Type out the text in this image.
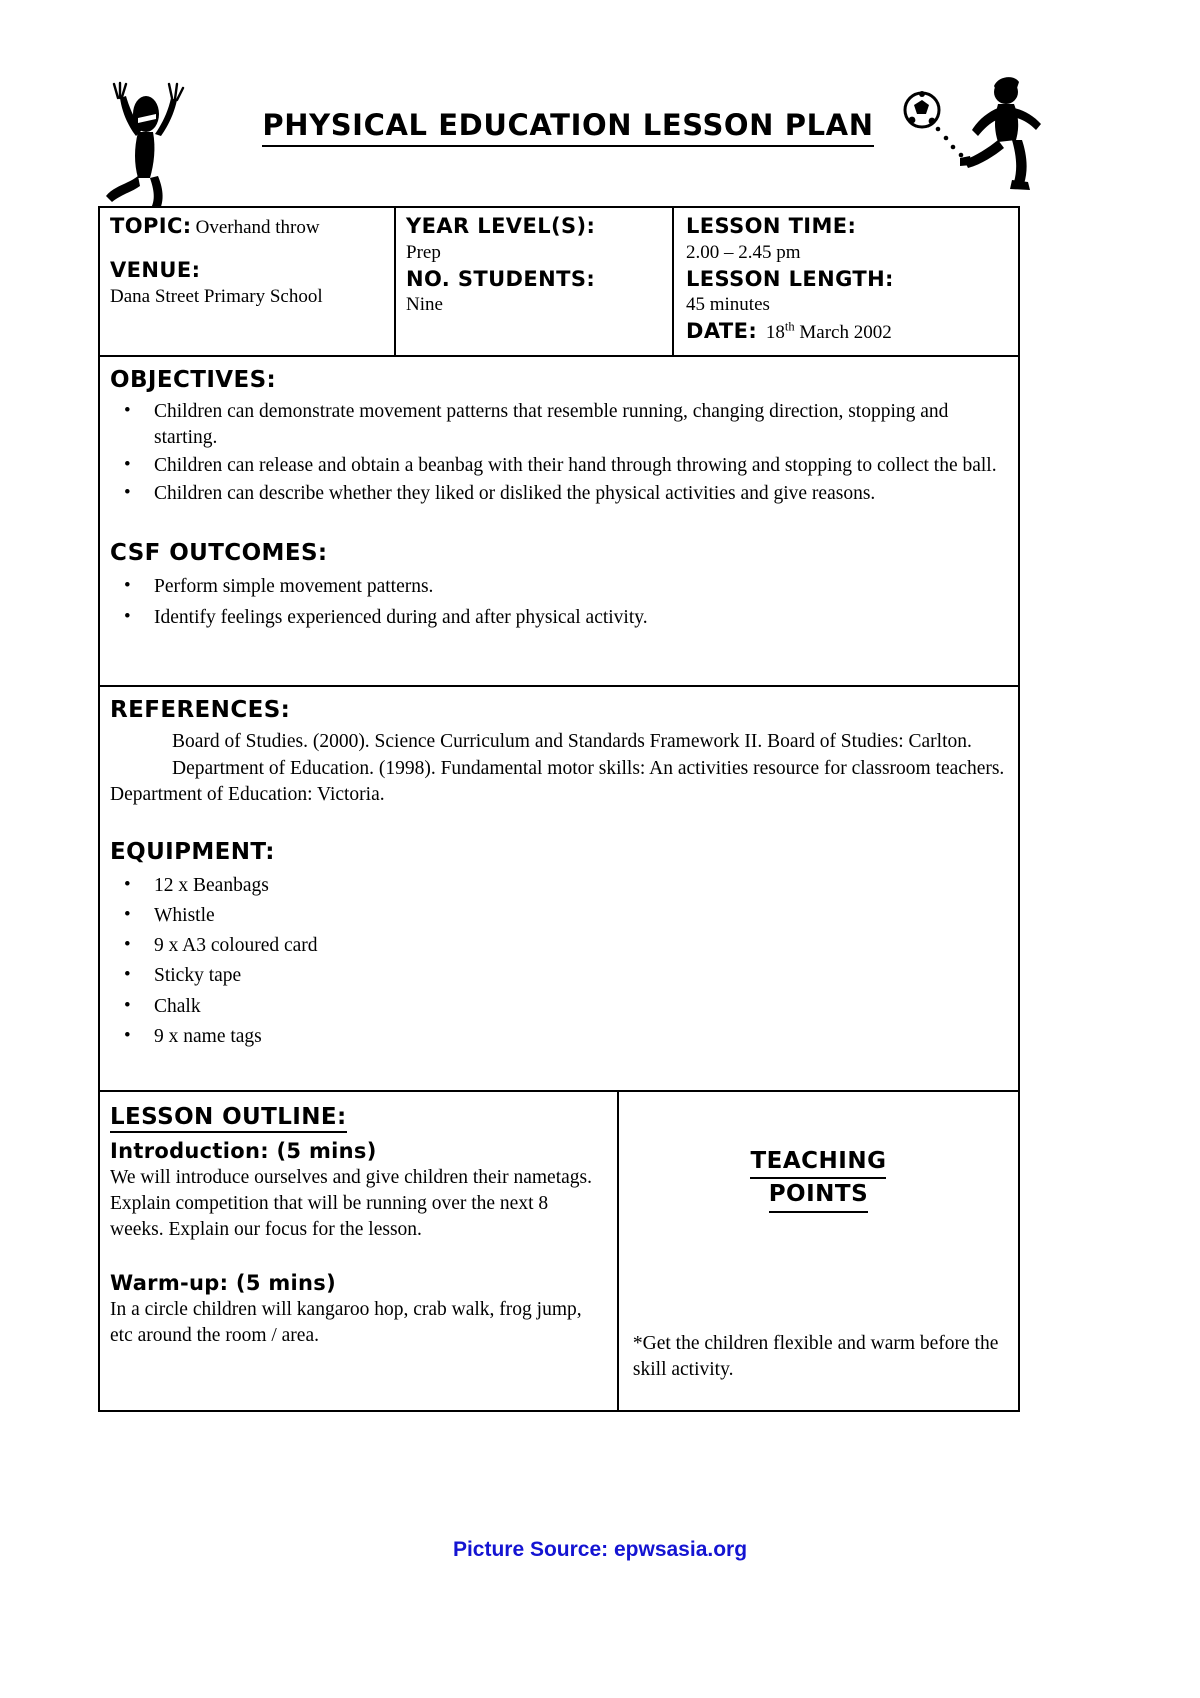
PHYSICAL EDUCATION LESSON PLAN

TOPIC: Overhand throw

VENUE:

Dana Street Primary School

YEAR LEVEL(S):

Prep

NO. STUDENTS:

Nine

LESSON TIME:

2.00 – 2.45 pm

LESSON LENGTH:

45 minutes

DATE: 18th March 2002

OBJECTIVES:
• Children can demonstrate movement patterns that resemble running, changing direction, stopping and starting.
• Children can release and obtain a beanbag with their hand through throwing and stopping to collect the ball.
• Children can describe whether they liked or disliked the physical activities and give reasons.
CSF OUTCOMES:
• Perform simple movement patterns.
• Identify feelings experienced during and after physical activity.
REFERENCES:

Board of Studies. (2000). Science Curriculum and Standards Framework II. Board of Studies: Carlton.

Department of Education. (1998). Fundamental motor skills: An activities resource for classroom teachers. Department of Education: Victoria.

EQUIPMENT:
• 12 x Beanbags
• Whistle
• 9 x A3 coloured card
• Sticky tape
• Chalk
• 9 x name tags
LESSON OUTLINE:
Introduction: (5 mins)

We will introduce ourselves and give children their nametags. Explain competition that will be running over the next 8 weeks. Explain our focus for the lesson.

Warm-up: (5 mins)

In a circle children will kangaroo hop, crab walk, frog jump, etc around the room / area.

TEACHING
POINTS

*Get the children flexible and warm before the skill activity.

Picture Source: epwsasia.org
